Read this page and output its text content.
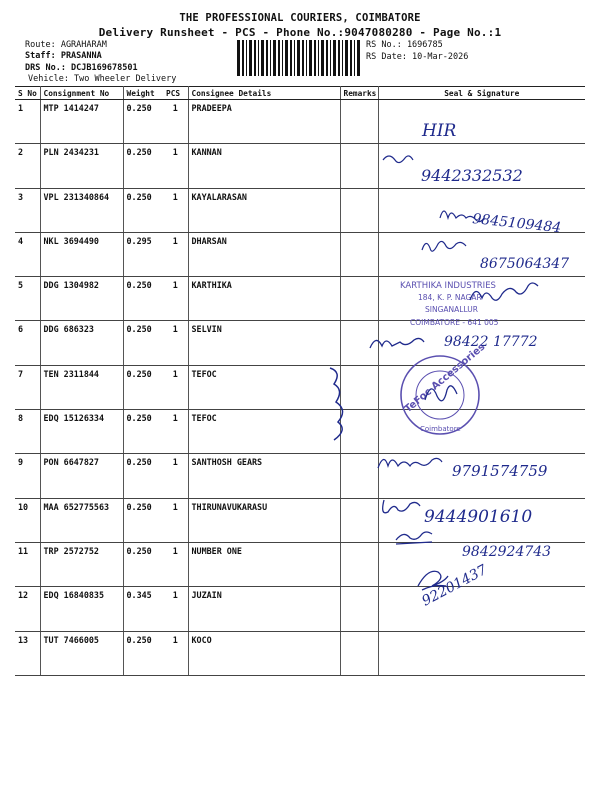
THE PROFESSIONAL COURIERS, COIMBATORE
Delivery Runsheet - PCS - Phone No.:9047080280 - Page No.:1
Route: AGRAHARAM
Staff: PRASANNA
DRS No.: DCJB169678501
Vehicle: Two Wheeler Delivery
RS No.: 1696785
RS Date: 10-Mar-2026
S No	Consignment No	Weight	PCS	Consignee Details	Remarks	Seal & Signature
1	MTP 1414247	0.250	1	PRADEEPA		
2	PLN 2434231	0.250	1	KANNAN		
3	VPL 231340864	0.250	1	KAYALARASAN		
4	NKL 3694490	0.295	1	DHARSAN		
5	DDG 1304982	0.250	1	KARTHIKA		
6	DDG 686323	0.250	1	SELVIN		
7	TEN 2311844	0.250	1	TEFOC		
8	EDQ 15126334	0.250	1	TEFOC		
9	PON 6647827	0.250	1	SANTHOSH GEARS		
10	MAA 652775563	0.250	1	THIRUNAVUKARASU		
11	TRP 2572752	0.250	1	NUMBER ONE		
12	EDQ 16840835	0.345	1	JUZAIN		
13	TUT 7466005	0.250	1	KOCO		
HIR
9442332532
9845109484
8675064347
KARTHIKA INDUSTRIES
184, K. P. NAGAR
SINGANALLUR
COIMBATORE - 641 005
98422 17772
TeFoc Accessories
Coimbatore
9791574759
9444901610
9842924743
92201437
